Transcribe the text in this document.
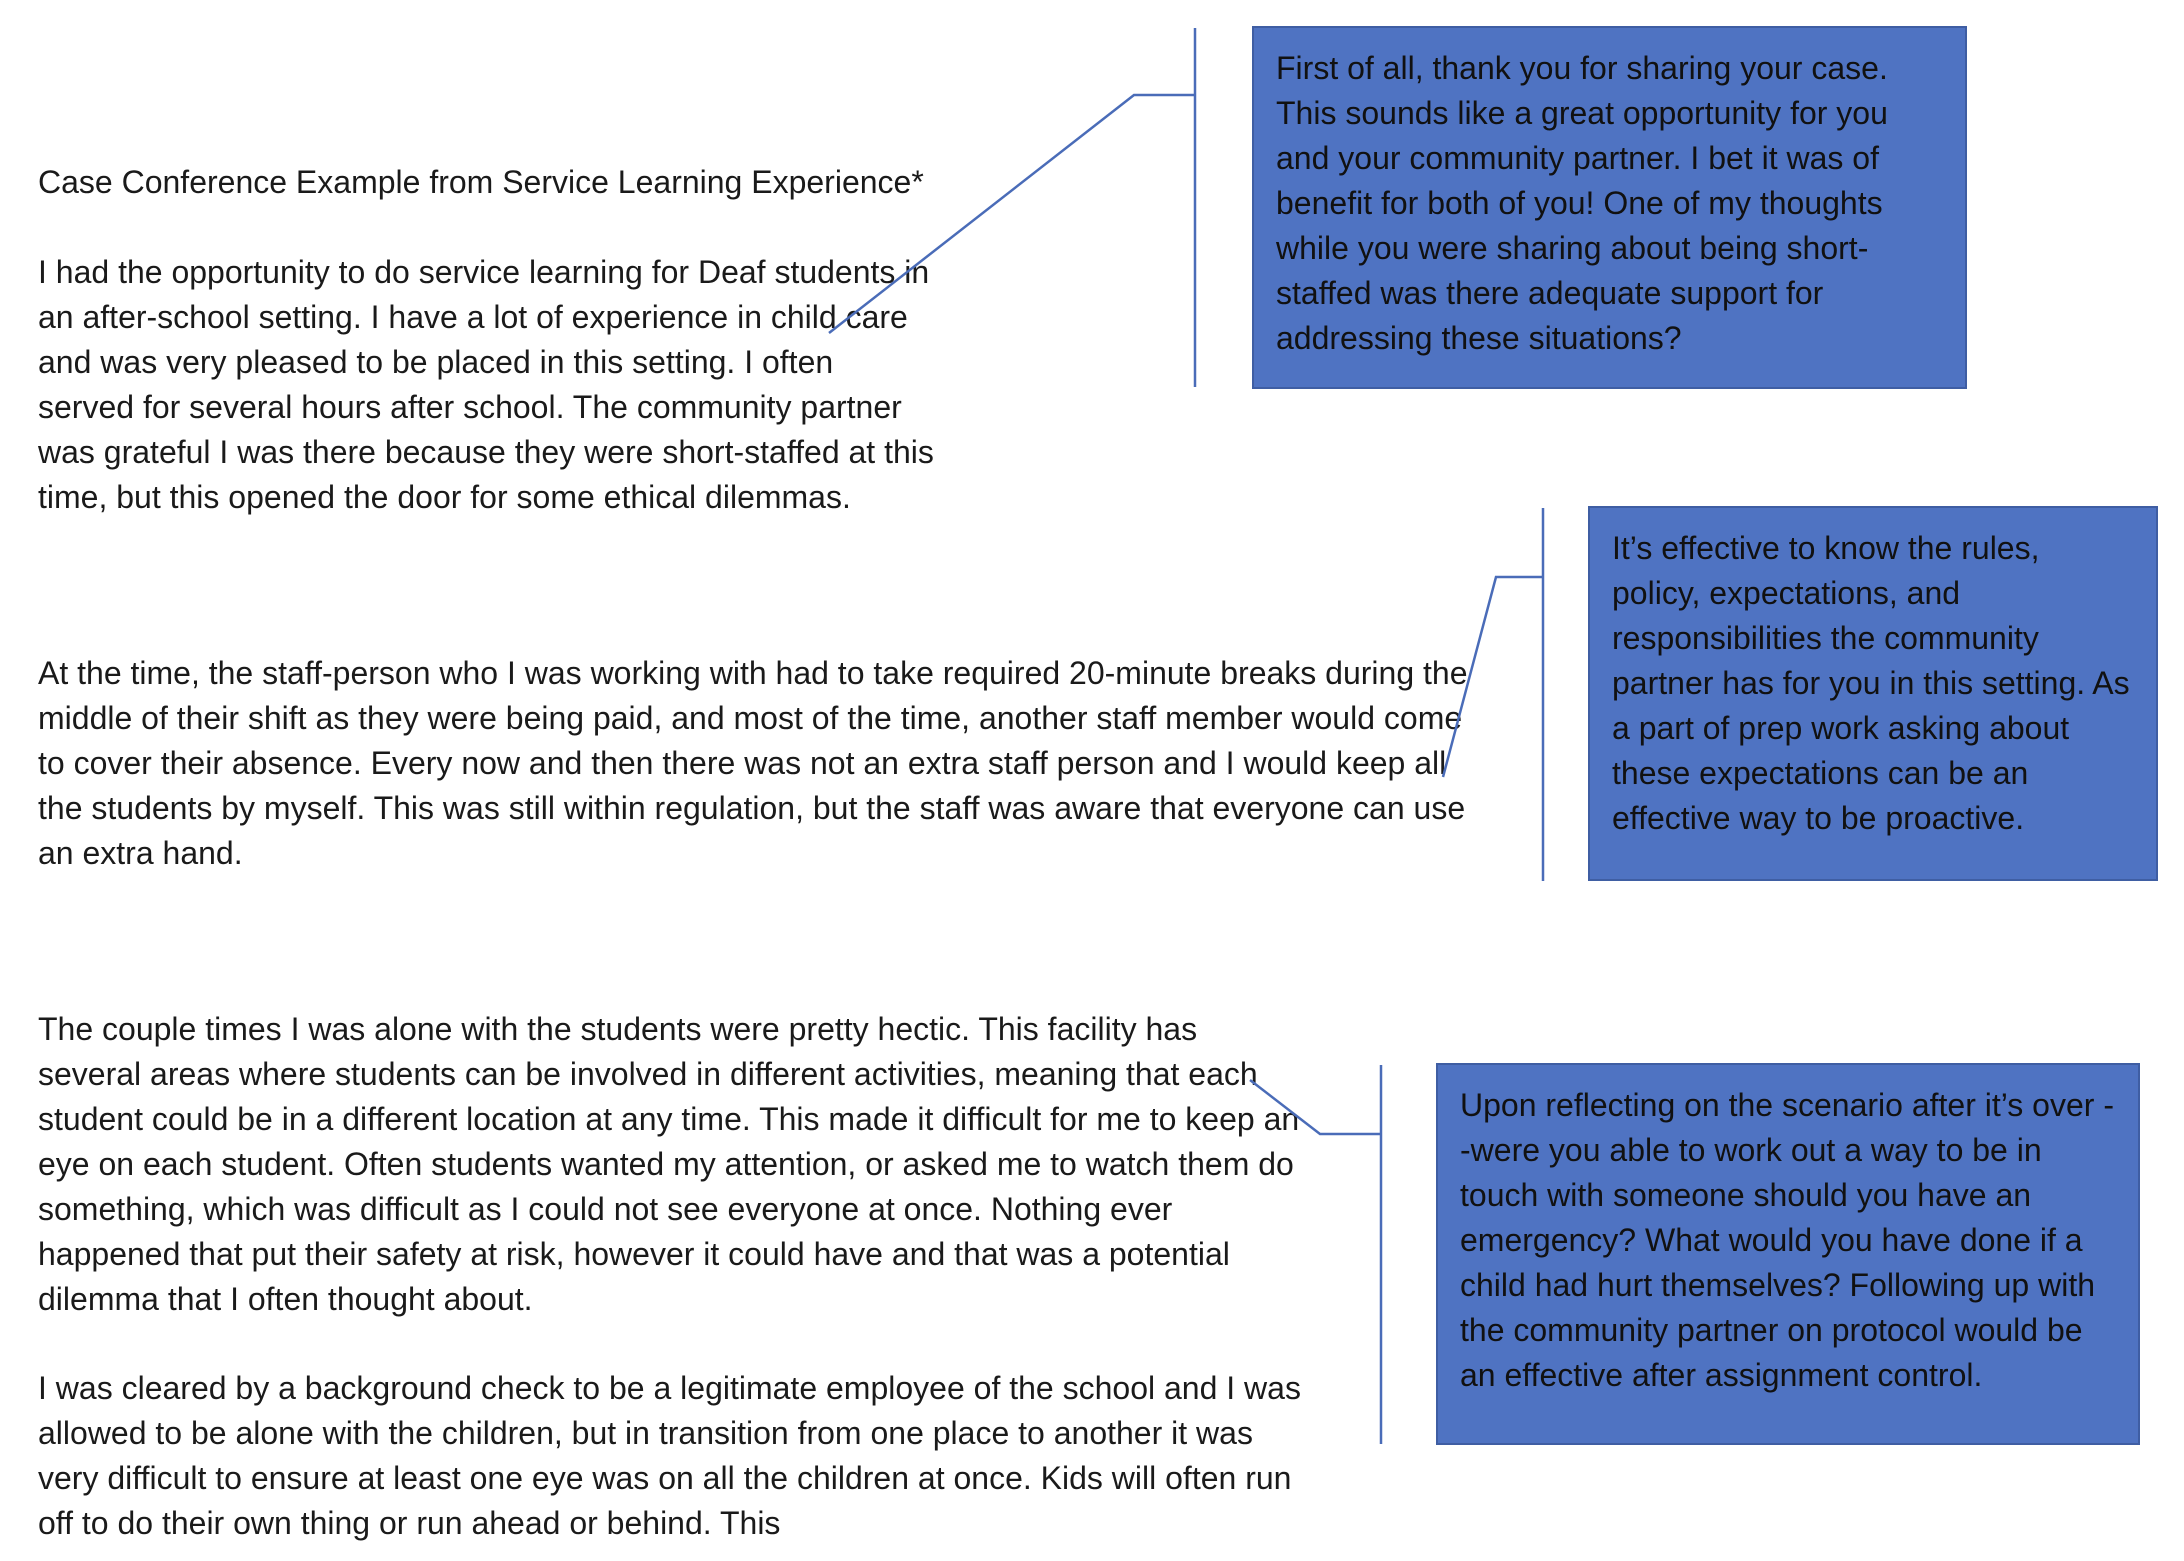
Case Conference Example from Service Learning Experience*

I had the opportunity to do service learning for Deaf students in an after-school setting. I have a lot of experience in child care and was very pleased to be placed in this setting. I often served for several hours after school. The community partner was grateful I was there because they were short-staffed at this time, but this opened the door for some ethical dilemmas.

At the time, the staff-person who I was working with had to take required 20-minute breaks during the middle of their shift as they were being paid, and most of the time, another staff member would come to cover their absence. Every now and then there was not an extra staff person and I would keep all the students by myself. This was still within regulation, but the staff was aware that everyone can use an extra hand.

The couple times I was alone with the students were pretty hectic. This facility has several areas where students can be involved in different activities, meaning that each student could be in a different location at any time. This made it difficult for me to keep an eye on each student. Often students wanted my attention, or asked me to watch them do something, which was difficult as I could not see everyone at once. Nothing ever happened that put their safety at risk, however it could have and that was a potential dilemma that I often thought about.

I was cleared by a background check to be a legitimate employee of the school and I was allowed to be alone with the children, but in transition from one place to another it was very difficult to ensure at least one eye was on all the children at once. Kids will often run off to do their own thing or run ahead or behind. This

First of all, thank you for sharing your case. This sounds like a great opportunity for you and your community partner. I bet it was of benefit for both of you! One of my thoughts while you were sharing about being short-staffed was there adequate support for addressing these situations?
It’s effective to know the rules, policy, expectations, and responsibilities the community partner has for you in this setting. As a part of prep work asking about these expectations can be an effective way to be proactive.
Upon reflecting on the scenario after it’s over --were you able to work out a way to be in touch with someone should you have an emergency? What would you have done if a child had hurt themselves? Following up with the community partner on protocol would be an effective after assignment control.
